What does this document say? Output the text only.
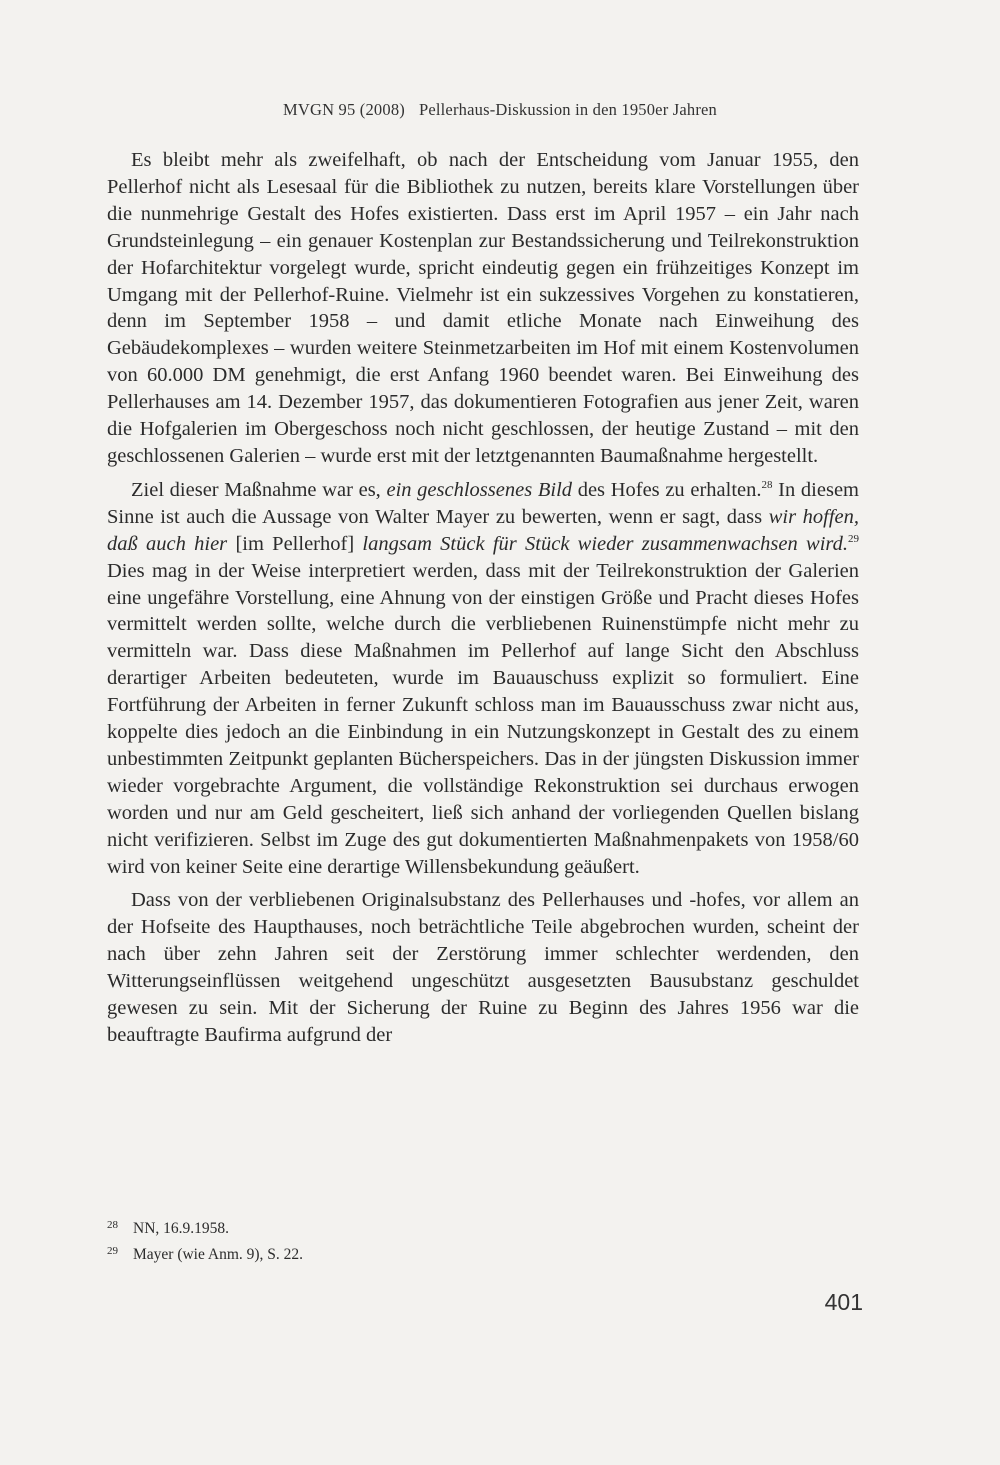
MVGN 95 (2008) Pellerhaus-Diskussion in den 1950er Jahren

Es bleibt mehr als zweifelhaft, ob nach der Entscheidung vom Januar 1955, den Pellerhof nicht als Lesesaal für die Bibliothek zu nutzen, bereits klare Vorstellungen über die nunmehrige Gestalt des Hofes existierten. Dass erst im April 1957 – ein Jahr nach Grundsteinlegung – ein genauer Kostenplan zur Bestandssicherung und Teilrekonstruktion der Hofarchitektur vorgelegt wurde, spricht eindeutig gegen ein frühzeitiges Konzept im Umgang mit der Pellerhof-Ruine. Vielmehr ist ein sukzessives Vorgehen zu konstatieren, denn im September 1958 – und damit etliche Monate nach Einweihung des Gebäudekomplexes – wurden weitere Steinmetzarbeiten im Hof mit einem Kostenvolumen von 60.000 DM genehmigt, die erst Anfang 1960 beendet waren. Bei Einweihung des Pellerhauses am 14. Dezember 1957, das dokumentieren Fotografien aus jener Zeit, waren die Hofgalerien im Obergeschoss noch nicht geschlossen, der heutige Zustand – mit den geschlossenen Galerien – wurde erst mit der letztgenannten Baumaßnahme hergestellt.

Ziel dieser Maßnahme war es, ein geschlossenes Bild des Hofes zu erhalten.$^{28}$ In diesem Sinne ist auch die Aussage von Walter Mayer zu bewerten, wenn er sagt, dass wir hoffen, daß auch hier [im Pellerhof] langsam Stück für Stück wieder zusammenwachsen wird.$^{29}$ Dies mag in der Weise interpretiert werden, dass mit der Teilrekonstruktion der Galerien eine ungefähre Vorstellung, eine Ahnung von der einstigen Größe und Pracht dieses Hofes vermittelt werden sollte, welche durch die verbliebenen Ruinenstümpfe nicht mehr zu vermitteln war. Dass diese Maßnahmen im Pellerhof auf lange Sicht den Abschluss derartiger Arbeiten bedeuteten, wurde im Bauauschuss explizit so formuliert. Eine Fortführung der Arbeiten in ferner Zukunft schloss man im Bauausschuss zwar nicht aus, koppelte dies jedoch an die Einbindung in ein Nutzungskonzept in Gestalt des zu einem unbestimmten Zeitpunkt geplanten Bücherspeichers. Das in der jüngsten Diskussion immer wieder vorgebrachte Argument, die vollständige Rekonstruktion sei durchaus erwogen worden und nur am Geld gescheitert, ließ sich anhand der vorliegenden Quellen bislang nicht verifizieren. Selbst im Zuge des gut dokumentierten Maßnahmenpakets von 1958/60 wird von keiner Seite eine derartige Willensbekundung geäußert.

Dass von der verbliebenen Originalsubstanz des Pellerhauses und -hofes, vor allem an der Hofseite des Haupthauses, noch beträchtliche Teile abgebrochen wurden, scheint der nach über zehn Jahren seit der Zerstörung immer schlechter werdenden, den Witterungseinflüssen weitgehend ungeschützt ausgesetzten Bausubstanz geschuldet gewesen zu sein. Mit der Sicherung der Ruine zu Beginn des Jahres 1956 war die beauftragte Baufirma aufgrund der

28 NN, 16.9.1958.
29 Mayer (wie Anm. 9), S. 22.
401
